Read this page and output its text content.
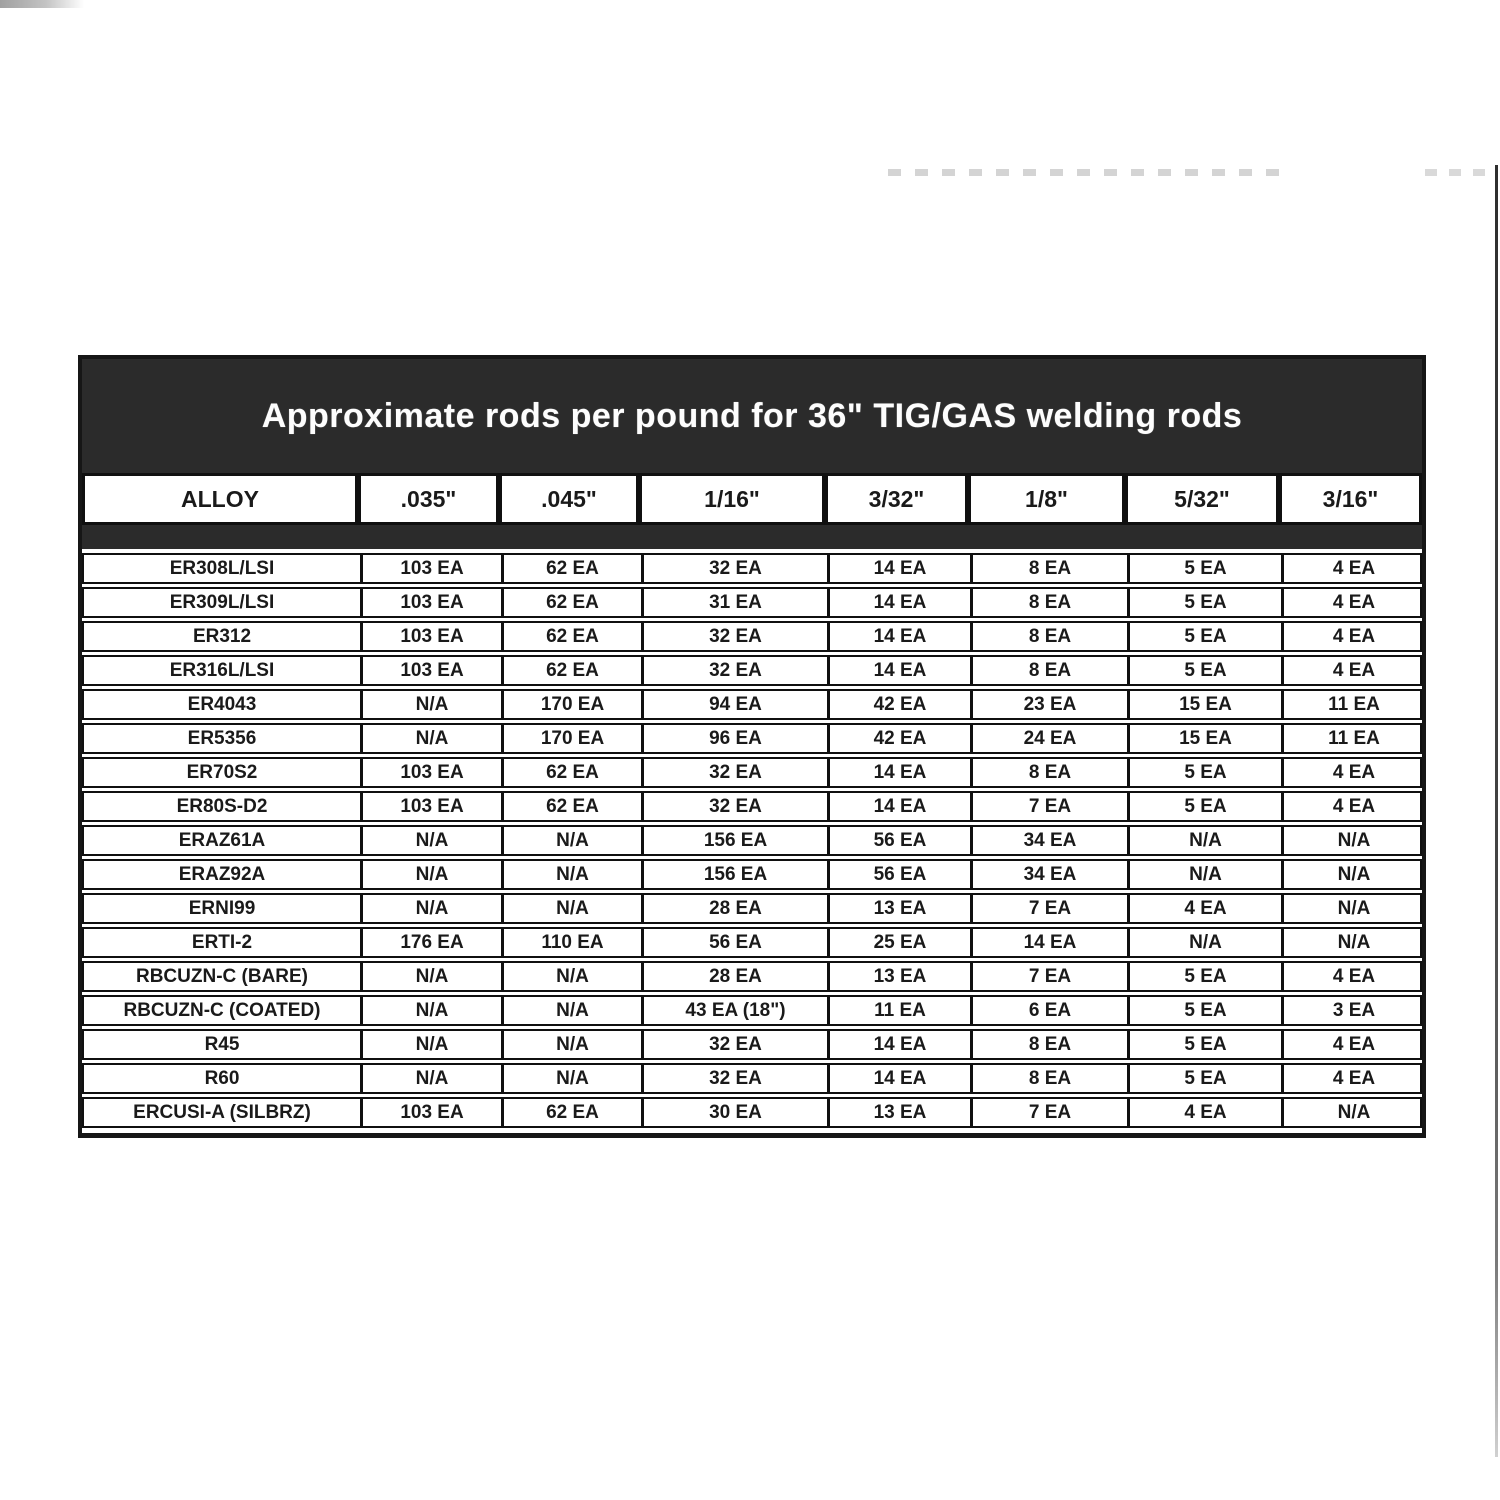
Approximate rods per pound for 36" TIG/GAS welding rods
ALLOY	.035"	.045"	1/16"	3/32"	1/8"	5/32"	3/16"
ER308L/LSI	103 EA	62 EA	32 EA	14 EA	8 EA	5 EA	4 EA
ER309L/LSI	103 EA	62 EA	31 EA	14 EA	8 EA	5 EA	4 EA
ER312	103 EA	62 EA	32 EA	14 EA	8 EA	5 EA	4 EA
ER316L/LSI	103 EA	62 EA	32 EA	14 EA	8 EA	5 EA	4 EA
ER4043	N/A	170 EA	94 EA	42 EA	23 EA	15 EA	11 EA
ER5356	N/A	170 EA	96 EA	42 EA	24 EA	15 EA	11 EA
ER70S2	103 EA	62 EA	32 EA	14 EA	8 EA	5 EA	4 EA
ER80S-D2	103 EA	62 EA	32 EA	14 EA	7 EA	5 EA	4 EA
ERAZ61A	N/A	N/A	156 EA	56 EA	34 EA	N/A	N/A
ERAZ92A	N/A	N/A	156 EA	56 EA	34 EA	N/A	N/A
ERNI99	N/A	N/A	28 EA	13 EA	7 EA	4 EA	N/A
ERTI-2	176 EA	110 EA	56 EA	25 EA	14 EA	N/A	N/A
RBCUZN-C (BARE)	N/A	N/A	28 EA	13 EA	7 EA	5 EA	4 EA
RBCUZN-C (COATED)	N/A	N/A	43 EA (18")	11 EA	6 EA	5 EA	3 EA
R45	N/A	N/A	32 EA	14 EA	8 EA	5 EA	4 EA
R60	N/A	N/A	32 EA	14 EA	8 EA	5 EA	4 EA
ERCUSI-A (SILBRZ)	103 EA	62 EA	30 EA	13 EA	7 EA	4 EA	N/A
